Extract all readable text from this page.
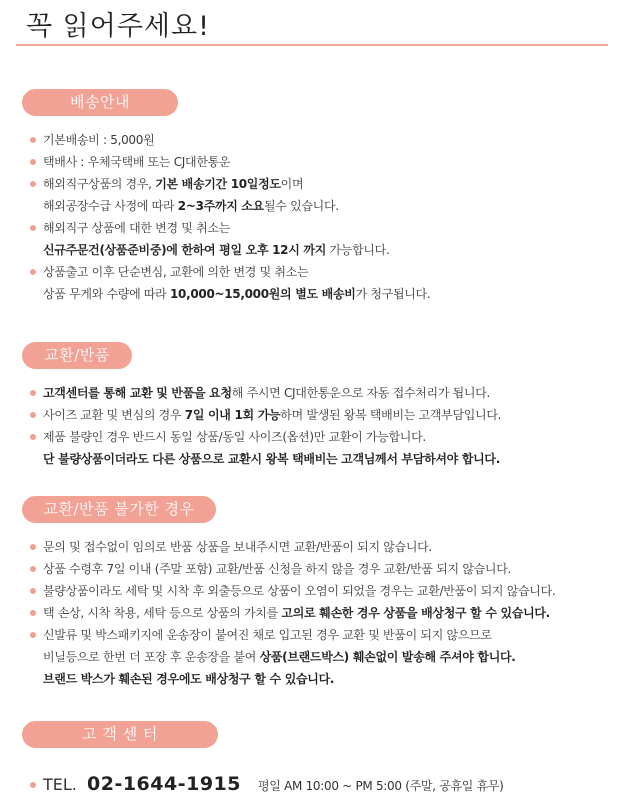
꼭 읽어주세요!
배송안내
기본배송비 : 5,000원
택배사 : 우체국택배 또는 CJ대한통운
해외직구상품의 경우, 기본 배송기간 10일정도이며
해외공장수급 사정에 따라 2~3주까지 소요될수 있습니다.
해외직구 상품에 대한 변경 및 취소는
신규주문건(상품준비중)에 한하여 평일 오후 12시 까지 가능합니다.
상품출고 이후 단순변심, 교환에 의한 변경 및 취소는
상품 무게와 수량에 따라 10,000~15,000원의 별도 배송비가 청구됩니다.
교환/반품
고객센터를 통해 교환 및 반품을 요청해 주시면 CJ대한통운으로 자동 접수처리가 됩니다.
사이즈 교환 및 변심의 경우 7일 이내 1회 가능하며 발생된 왕복 택배비는 고객부담입니다.
제품 불량인 경우 반드시 동일 상품/동일 사이즈(옵션)만 교환이 가능합니다.
단 불량상품이더라도 다른 상품으로 교환시 왕복 택배비는 고객님께서 부담하셔야 합니다.
교환/반품 불가한 경우
문의 및 접수없이 임의로 반품 상품을 보내주시면 교환/반품이 되지 않습니다.
상품 수령후 7일 이내 (주말 포함) 교환/반품 신청을 하지 않을 경우 교환/반품 되지 않습니다.
불량상품이라도 세탁 및 시착 후 외출등으로 상품이 오염이 되었을 경우는 교환/반품이 되지 않습니다.
택 손상, 시착 착용, 세탁 등으로 상품의 가치를 고의로 훼손한 경우 상품을 배상청구 할 수 있습니다.
신발류 및 박스패키지에 운송장이 붙여진 채로 입고된 경우 교환 및 반품이 되지 않으므로
비닐등으로 한번 더 포장 후 운송장을 붙여 상품(브랜드박스) 훼손없이 발송해 주셔야 합니다.
브랜드 박스가 훼손된 경우에도 배상청구 할 수 있습니다.
고 객 센 터
TEL. 02-1644-1915 평일 AM 10:00 ~ PM 5:00 (주말, 공휴일 휴무)
